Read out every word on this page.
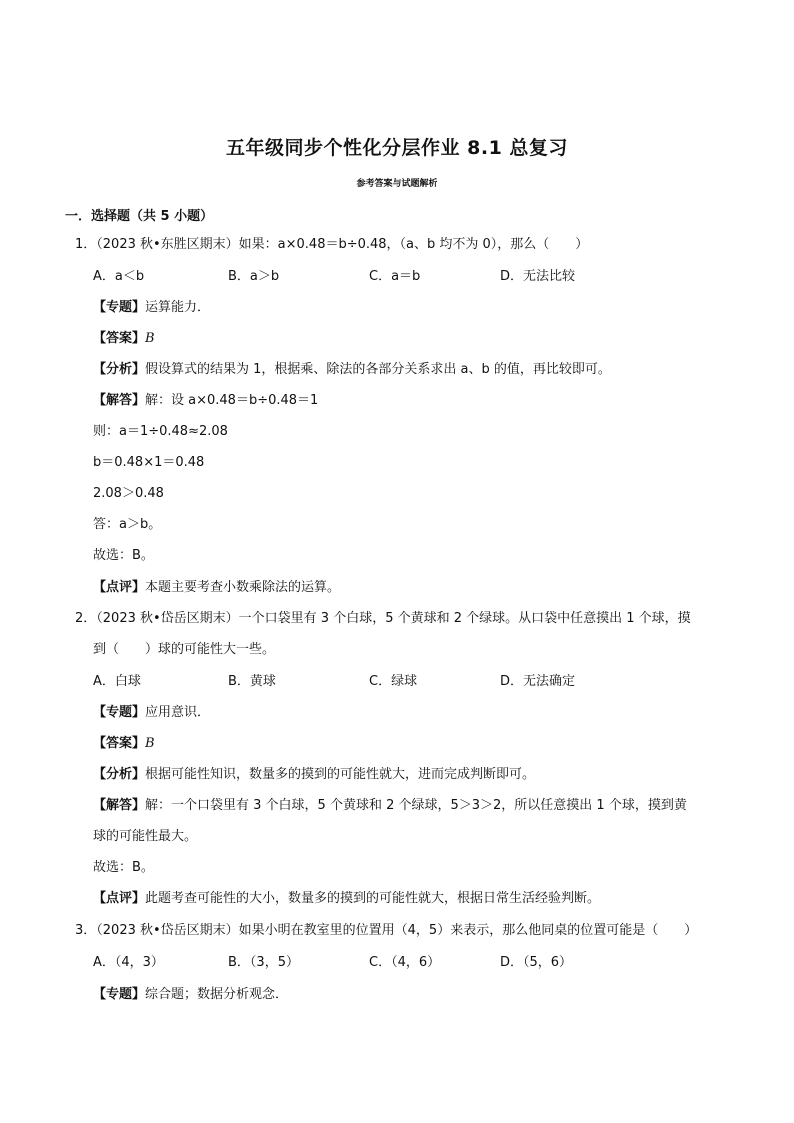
五年级同步个性化分层作业 8.1 总复习
参考答案与试题解析
一．选择题（共 5 小题）
1．（2023 秋•东胜区期末）如果：a×0.48＝b÷0.48，（a、b 均不为 0），那么（　　）
A．a＜b	B．a＞b	C．a＝b	D．无法比较
【专题】运算能力．
【答案】B
【分析】假设算式的结果为 1，根据乘、除法的各部分关系求出 a、b 的值，再比较即可。
【解答】解：设 a×0.48＝b÷0.48＝1
则：a＝1÷0.48≈2.08
b＝0.48×1＝0.48
2.08＞0.48
答：a＞b。
故选：B。
【点评】本题主要考查小数乘除法的运算。
2．（2023 秋•岱岳区期末）一个口袋里有 3 个白球，5 个黄球和 2 个绿球。从口袋中任意摸出 1 个球，摸
到（　　）球的可能性大一些。
A．白球	B．黄球	C．绿球	D．无法确定
【专题】应用意识．
【答案】B
【分析】根据可能性知识，数量多的摸到的可能性就大，进而完成判断即可。
【解答】解：一个口袋里有 3 个白球，5 个黄球和 2 个绿球，5＞3＞2，所以任意摸出 1 个球，摸到黄
球的可能性最大。
故选：B。
【点评】此题考查可能性的大小，数量多的摸到的可能性就大，根据日常生活经验判断。
3．（2023 秋•岱岳区期末）如果小明在教室里的位置用（4，5）来表示，那么他同桌的位置可能是（　　）
A．（4，3）	B．（3，5）	C．（4，6）	D．（5，6）
【专题】综合题；数据分析观念．
